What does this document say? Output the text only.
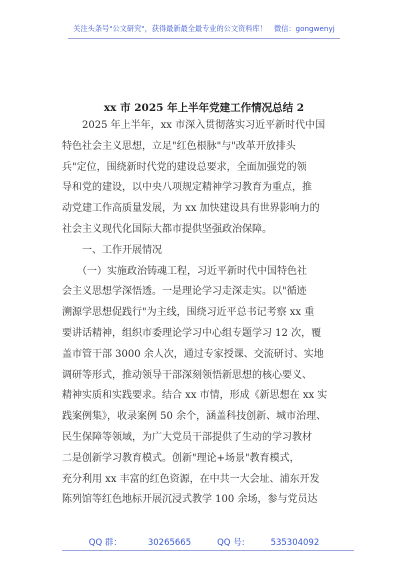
关注头条号"公文研究"，获得最新最全最专业的公文资料库！　微信：gongwenyj
xx 市 2025 年上半年党建工作情况总结 2
　　2025 年上半年，xx 市深入贯彻落实习近平新时代中国
特色社会主义思想，立足"红色根脉"与"改革开放排头
兵"定位，围绕新时代党的建设总要求，全面加强党的领
导和党的建设，以中央八项规定精神学习教育为重点，推
动党建工作高质量发展，为 xx 加快建设具有世界影响力的
社会主义现代化国际大都市提供坚强政治保障。
　　一、工作开展情况
　　（一）实施政治铸魂工程，习近平新时代中国特色社
会主义思想学深悟透。一是理论学习走深走实。以"循迹
溯源学思想促践行"为主线，围绕习近平总书记考察 xx 重
要讲话精神，组织市委理论学习中心组专题学习 12 次，覆
盖市管干部 3000 余人次，通过专家授课、交流研讨、实地
调研等形式，推动领导干部深刻领悟新思想的核心要义、
精神实质和实践要求。结合 xx 市情，形成《新思想在 xx 实
践案例集》，收录案例 50 余个，涵盖科技创新、城市治理、
民生保障等领域，为广大党员干部提供了生动的学习教材
二是创新学习教育模式。创新"理论+场景"教育模式，
充分利用 xx 丰富的红色资源，在中共一大会址、浦东开发
陈列馆等红色地标开展沉浸式教学 100 余场，参与党员达
QQ 群：	30265665	QQ 号:	535304092
